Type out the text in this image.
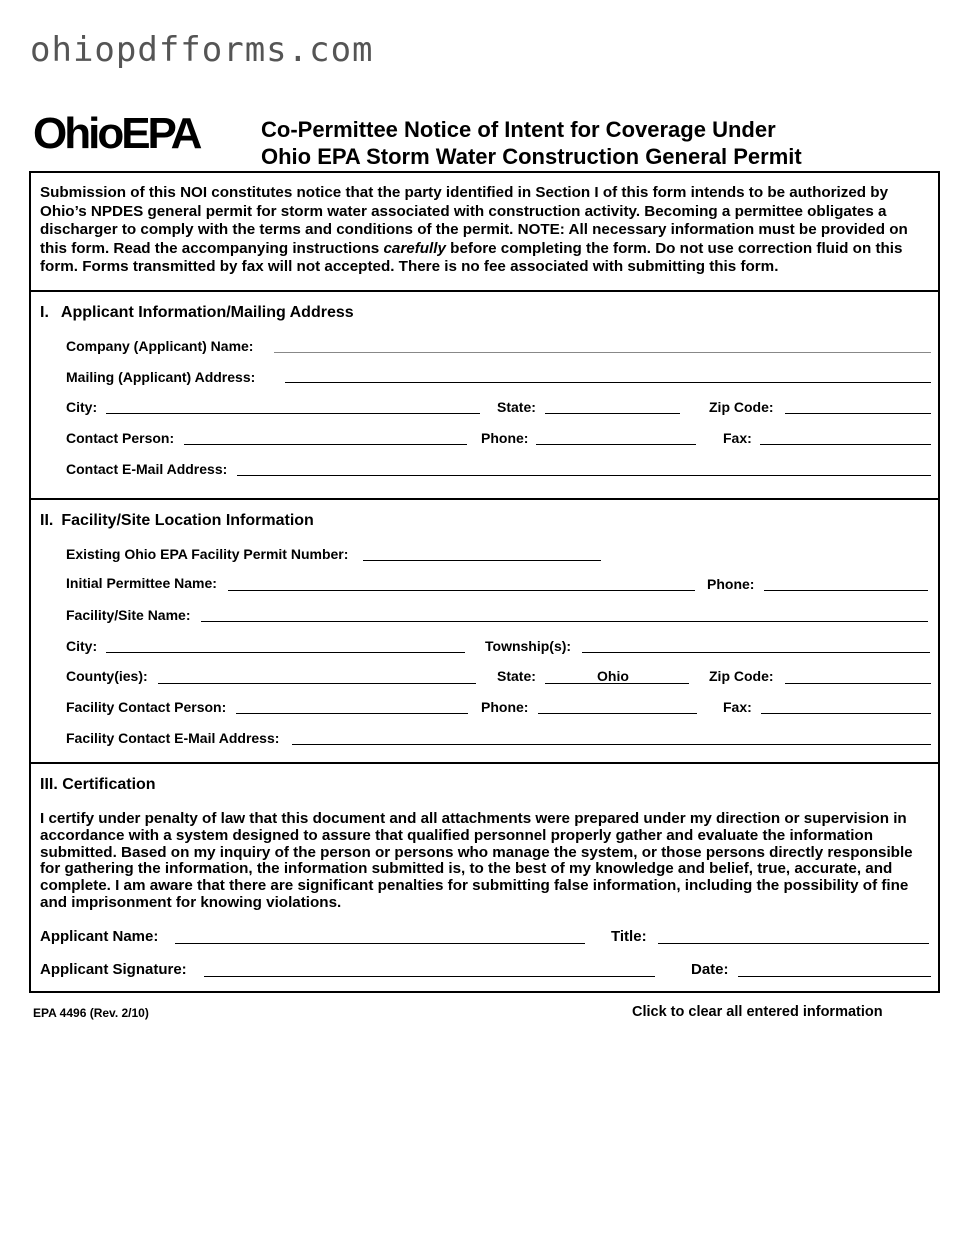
ohiopdfforms.com
OhioEPA	Co-Permittee Notice of Intent for Coverage Under
Ohio EPA Storm Water Construction General Permit
Submission of this NOI constitutes notice that the party identified in Section I of this form intends to be authorized by Ohio’s NPDES general permit for storm water associated with construction activity. Becoming a permittee obligates a discharger to comply with the terms and conditions of the permit. NOTE: All necessary information must be provided on this form. Read the accompanying instructions carefully before completing the form. Do not use correction fluid on this form. Forms transmitted by fax will not accepted. There is no fee associated with submitting this form.
I. Applicant Information/Mailing Address
Company (Applicant) Name:
Mailing (Applicant) Address:
City:	State:	Zip Code:
Contact Person:	Phone:	Fax:
Contact E-Mail Address:
II. Facility/Site Location Information
Existing Ohio EPA Facility Permit Number:
Initial Permittee Name:	Phone:
Facility/Site Name:
City:	Township(s):
County(ies):	State:	Ohio	Zip Code:
Facility Contact Person:	Phone:	Fax:
Facility Contact E-Mail Address:
III. Certification
I certify under penalty of law that this document and all attachments were prepared under my direction or supervision in accordance with a system designed to assure that qualified personnel properly gather and evaluate the information submitted. Based on my inquiry of the person or persons who manage the system, or those persons directly responsible for gathering the information, the information submitted is, to the best of my knowledge and belief, true, accurate, and complete. I am aware that there are significant penalties for submitting false information, including the possibility of fine and imprisonment for knowing violations.
Applicant Name:	Title:
Applicant Signature:	Date:
EPA 4496 (Rev. 2/10)	Click to clear all entered information
